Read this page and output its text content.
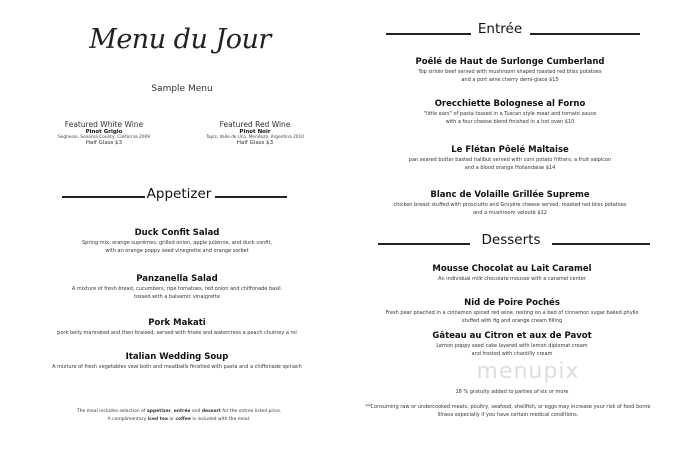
Menu du Jour
Sample Menu
Featured White Wine
Pinot Grigio
Seghesio, Sonoma County, California 2009
Half Glass $3
Featured Red Wine
Pinot Noir
Tapiz, Valle de Uco, Mendoza, Argentina 2010
Half Glass $3
Appetizer
Duck Confit Salad
Spring mix, orange suprêmes, grilled onion, apple julienne, and duck confit,
with an orange poppy seed vinegrette and orange sorbet
Panzanella Salad
A mixture of fresh bread, cucumbers, ripe tomatoes, red onion and chiffonade basil.
tossed with a balsamic vinaigrette
Pork Makati
pork belly marinated and then braised, served with frisée and watercress a peach chutney a mi
Italian Wedding Soup
A mixture of fresh vegetables veal both and meatballs finished with pasta and a chiffonade spinach
The meal includes selection of appetizer, entrée and dessert for the entree listed price.
A complimentary iced tea or coffee is included with the meal.
Entrée
Poêlé de Haut de Surlonge Cumberland
Top sirloin beef served with mushroom shaped roasted red bliss potatoes
and a port wine cherry demi-glace $15
Orecchiette Bolognese al Forno
"little ears" of pasta tossed in a Tuscan style meat and tomato sauce
with a four cheese blend finished in a hot oven $10
Le Flétan Pôelé Maltaise
pan seared butter basted halibut served with corn potato fritters, a fruit salpicon
and a blood orange Hollandaise $14
Blanc de Volaille Grillée Supreme
chicken breast stuffed with prosciutto and Gruyère cheese served, roasted red bliss potatoes
and a mushroom velouté $12
Desserts
Mousse Chocolat au Lait Caramel
An individual milk chocolate mousse with a caramel center
Nid de Poire Pochés
Fresh pear poached in a cinnamon spiced red wine, resting on a bed of cinnamon sugar baked phyllo
stuffed with fig and orange cream filling
Gâteau au Citron et aux de Pavot
Lemon poppy seed cake layered with lemon diplomat cream
and frosted with chantilly cream
menupix
18 % gratuity added to parties of six or more
**Consuming raw or undercooked meats, poultry, seafood, shellfish, or eggs may increase your risk of food borne
illness especially if you have certain medical conditions.
